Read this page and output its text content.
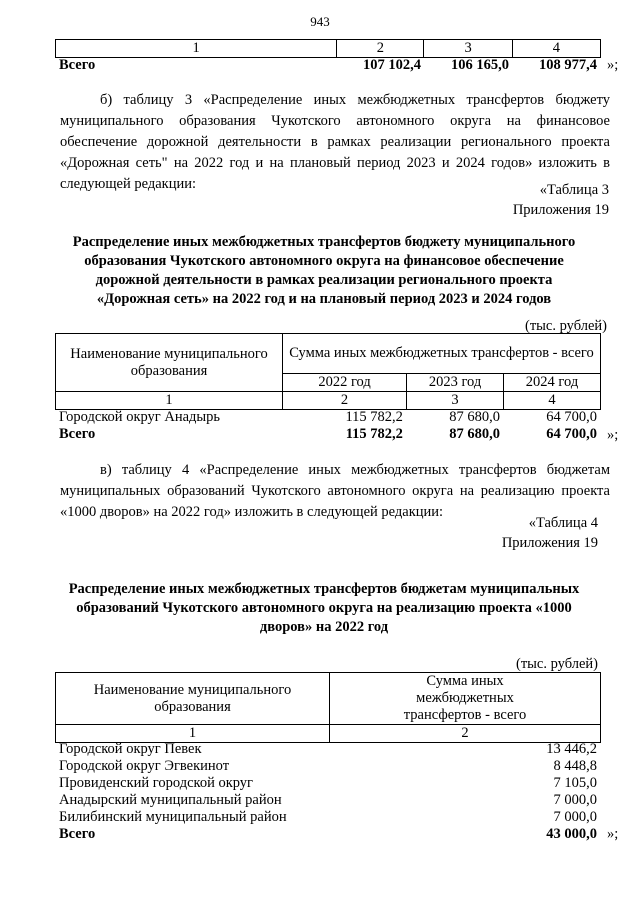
943
1	2	3	4
Всего	107 102,4	106 165,0	108 977,4 »;
б) таблицу 3 «Распределение иных межбюджетных трансфертов бюджету муниципального образования Чукотского автономного округа на финансовое обеспечение дорожной деятельности в рамках реализации регионального проекта «Дорожная сеть" на 2022 год и на плановый период 2023 и 2024 годов» изложить в следующей редакции:	«Таблица 3
Приложения 19
Распределение иных межбюджетных трансфертов бюджету муниципального
образования Чукотского автономного округа на финансовое обеспечение
дорожной деятельности в рамках реализации регионального проекта
«Дорожная сеть» на 2022 год и на плановый период 2023 и 2024 годов
(тыс. рублей)
Наименование муниципального образования	Сумма иных межбюджетных трансфертов - всего		
	2022 год	2023 год	2024 год
1	2	3	4
Городской округ Анадырь	115 782,2	87 680,0	64 700,0
Всего	115 782,2	87 680,0	64 700,0 »;
в) таблицу 4 «Распределение иных межбюджетных трансфертов бюджетам муниципальных образований Чукотского автономного округа на реализацию проекта «1000 дворов» на 2022 год» изложить в следующей редакции:
«Таблица 4
Приложения 19
Распределение иных межбюджетных трансфертов бюджетам муниципальных
образований Чукотского автономного округа на реализацию проекта «1000
дворов» на 2022 год
(тыс. рублей)
Наименование муниципального образования	Сумма иных межбюджетных трансфертов - всего
1	2
Городской округ Певек	13 446,2
Городской округ Эгвекинот	8 448,8
Провиденский городской округ	7 105,0
Анадырский муниципальный район	7 000,0
Билибинский муниципальный район	7 000,0
Всего	43 000,0 »;
